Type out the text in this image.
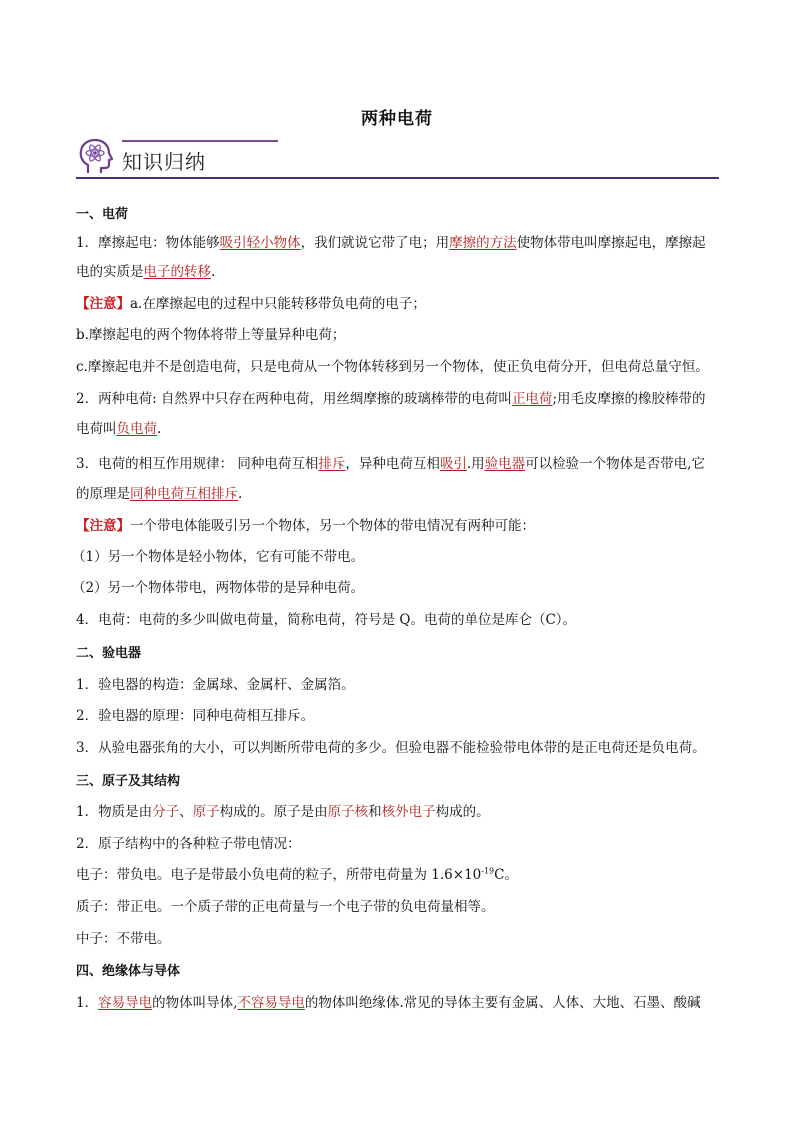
两种电荷
知识归纳
一、电荷
1．摩擦起电：物体能够吸引轻小物体，我们就说它带了电；用摩擦的方法使物体带电叫摩擦起电，摩擦起
电的实质是电子的转移.
【注意】a.在摩擦起电的过程中只能转移带负电荷的电子；
b.摩擦起电的两个物体将带上等量异种电荷；
c.摩擦起电并不是创造电荷，只是电荷从一个物体转移到另一个物体，使正负电荷分开，但电荷总量守恒。
2．两种电荷: 自然界中只存在两种电荷，用丝绸摩擦的玻璃棒带的电荷叫正电荷;用毛皮摩擦的橡胶棒带的
电荷叫负电荷.
3．电荷的相互作用规律： 同种电荷互相排斥，异种电荷互相吸引.用验电器可以检验一个物体是否带电,它
的原理是同种电荷互相排斥.
【注意】一个带电体能吸引另一个物体，另一个物体的带电情况有两种可能：
（1）另一个物体是轻小物体，它有可能不带电。
（2）另一个物体带电，两物体带的是异种电荷。
4．电荷：电荷的多少叫做电荷量，简称电荷，符号是 Q。电荷的单位是库仑（C）。
二、验电器
1．验电器的构造：金属球、金属杆、金属箔。
2．验电器的原理：同种电荷相互排斥。
3．从验电器张角的大小，可以判断所带电荷的多少。但验电器不能检验带电体带的是正电荷还是负电荷。
三、原子及其结构
1．物质是由分子、原子构成的。原子是由原子核和核外电子构成的。
2．原子结构中的各种粒子带电情况：
电子：带负电。电子是带最小负电荷的粒子，所带电荷量为 $1.6\times 10^{-19}C$。
质子：带正电。一个质子带的正电荷量与一个电子带的负电荷量相等。
中子：不带电。
四、绝缘体与导体
1．容易导电的物体叫导体,不容易导电的物体叫绝缘体.常见的导体主要有金属、人体、大地、石墨、酸碱
